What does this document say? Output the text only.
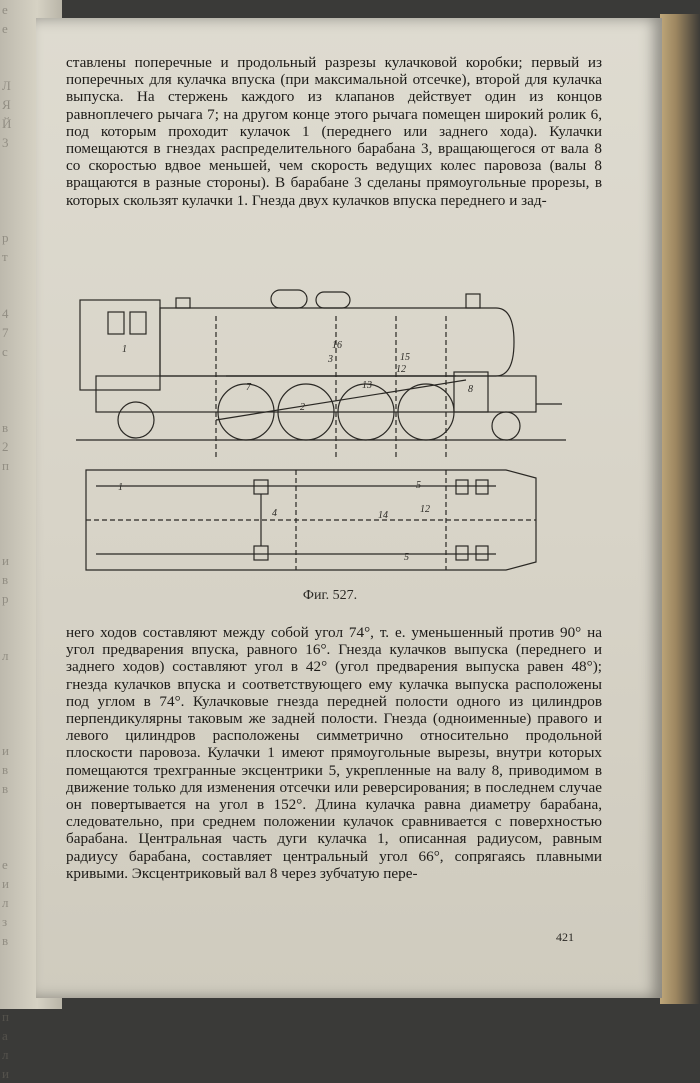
е
е

Л
Я
Й
3

р
т

4
7
с

в
2
п

и
в
р

л

и
в
в

е
и
л
з
в

п
а
л
и

ставлены поперечные и продольный разрезы кулачковой коробки; первый из поперечных для кулачка впуска (при максимальной отсечке), второй для кулачка выпуска. На стержень каждого из клапанов действует один из концов равноплечего рычага 7; на другом конце этого рычага помещен широкий ролик 6, под которым проходит кулачок 1 (переднего или заднего хода). Кулачки помещаются в гнездах распределительного барабана 3, вращающегося от вала 8 со скоростью вдвое меньшей, чем скорость ведущих колес паровоза (валы 8 вращаются в разные стороны). В барабане 3 сделаны прямоугольные прорезы, в которых скользят кулачки 1. Гнезда двух кулачков впуска переднего и зад-

1
2
3
7	8
12
13
15
16
1
4
5
12
14
5
Фиг. 527.

него ходов составляют между собой угол 74°, т. е. уменьшенный против 90° на угол предварения впуска, равного 16°. Гнезда кулачков выпуска (переднего и заднего ходов) составляют угол в 42° (угол предварения выпуска равен 48°); гнезда кулачков впуска и соответствующего ему кулачка выпуска расположены под углом в 74°. Кулачковые гнезда передней полости одного из цилиндров перпендикулярны таковым же задней полости. Гнезда (одноименные) правого и левого цилиндров расположены симметрично относительно продольной плоскости паровоза. Кулачки 1 имеют прямоугольные вырезы, внутри которых помещаются трехгранные эксцентрики 5, укрепленные на валу 8, приводимом в движение только для изменения отсечки или реверсирования; в последнем случае он повертывается на угол в 152°. Длина кулачка равна диаметру барабана, следовательно, при среднем положении кулачок сравнивается с поверхностью барабана. Центральная часть дуги кулачка 1, описанная радиусом, равным радиусу барабана, составляет центральный угол 66°, сопрягаясь плавными кривыми. Эксцентриковый вал 8 через зубчатую пере-

421
